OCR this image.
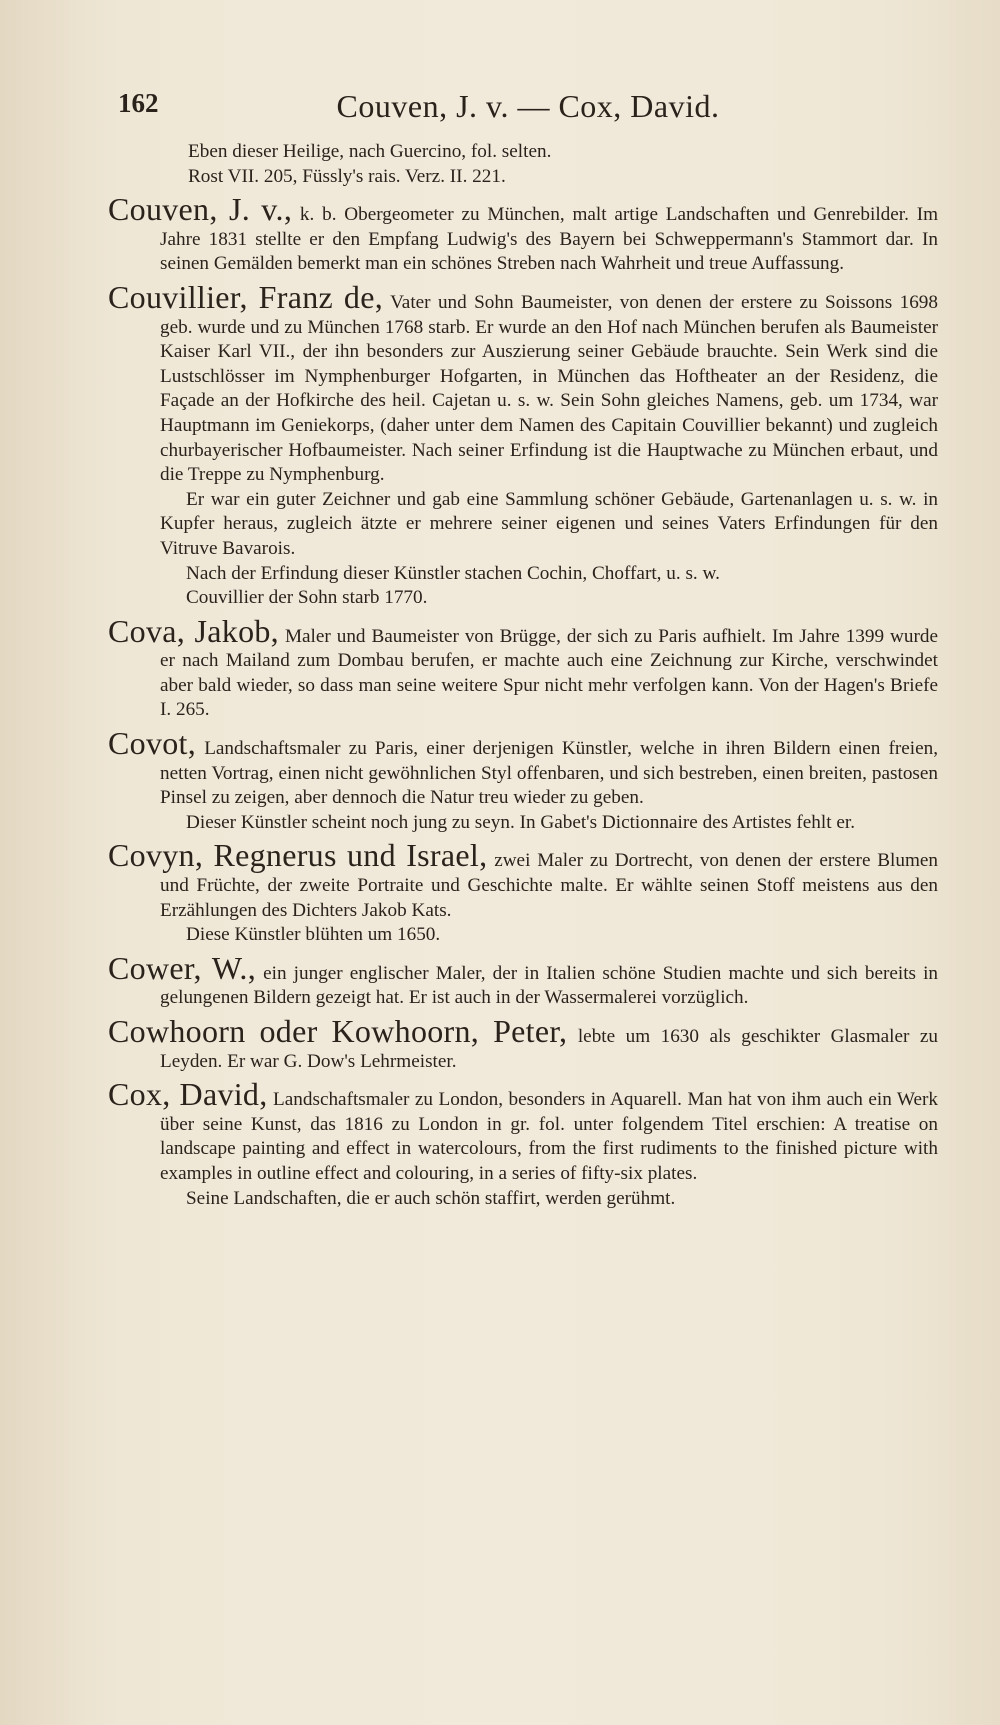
162	Couven, J. v. — Cox, David.

Eben dieser Heilige, nach Guercino, fol. selten.

Rost VII. 205, Füssly's rais. Verz. II. 221.

Couven, J. v., k. b. Obergeometer zu München, malt artige Landschaften und Genrebilder. Im Jahre 1831 stellte er den Empfang Ludwig's des Bayern bei Schweppermann's Stammort dar. In seinen Gemälden bemerkt man ein schönes Streben nach Wahrheit und treue Auffassung.

Couvillier, Franz de, Vater und Sohn Baumeister, von denen der erstere zu Soissons 1698 geb. wurde und zu München 1768 starb. Er wurde an den Hof nach München berufen als Baumeister Kaiser Karl VII., der ihn besonders zur Auszierung seiner Gebäude brauchte. Sein Werk sind die Lustschlösser im Nymphenburger Hofgarten, in München das Hoftheater an der Residenz, die Façade an der Hofkirche des heil. Cajetan u. s. w. Sein Sohn gleiches Namens, geb. um 1734, war Hauptmann im Geniekorps, (daher unter dem Namen des Capitain Couvillier bekannt) und zugleich churbayerischer Hofbaumeister. Nach seiner Erfindung ist die Hauptwache zu München erbaut, und die Treppe zu Nymphenburg.

Er war ein guter Zeichner und gab eine Sammlung schöner Gebäude, Gartenanlagen u. s. w. in Kupfer heraus, zugleich ätzte er mehrere seiner eigenen und seines Vaters Erfindungen für den Vitruve Bavarois.

Nach der Erfindung dieser Künstler stachen Cochin, Choffart, u. s. w.

Couvillier der Sohn starb 1770.

Cova, Jakob, Maler und Baumeister von Brügge, der sich zu Paris aufhielt. Im Jahre 1399 wurde er nach Mailand zum Dombau berufen, er machte auch eine Zeichnung zur Kirche, verschwindet aber bald wieder, so dass man seine weitere Spur nicht mehr verfolgen kann. Von der Hagen's Briefe I. 265.

Covot, Landschaftsmaler zu Paris, einer derjenigen Künstler, welche in ihren Bildern einen freien, netten Vortrag, einen nicht gewöhnlichen Styl offenbaren, und sich bestreben, einen breiten, pastosen Pinsel zu zeigen, aber dennoch die Natur treu wieder zu geben.

Dieser Künstler scheint noch jung zu seyn. In Gabet's Dictionnaire des Artistes fehlt er.

Covyn, Regnerus und Israel, zwei Maler zu Dortrecht, von denen der erstere Blumen und Früchte, der zweite Portraite und Geschichte malte. Er wählte seinen Stoff meistens aus den Erzählungen des Dichters Jakob Kats.

Diese Künstler blühten um 1650.

Cower, W., ein junger englischer Maler, der in Italien schöne Studien machte und sich bereits in gelungenen Bildern gezeigt hat. Er ist auch in der Wassermalerei vorzüglich.

Cowhoorn oder Kowhoorn, Peter, lebte um 1630 als geschikter Glasmaler zu Leyden. Er war G. Dow's Lehrmeister.

Cox, David, Landschaftsmaler zu London, besonders in Aquarell. Man hat von ihm auch ein Werk über seine Kunst, das 1816 zu London in gr. fol. unter folgendem Titel erschien: A treatise on landscape painting and effect in watercolours, from the first rudiments to the finished picture with examples in outline effect and colouring, in a series of fifty-six plates.

Seine Landschaften, die er auch schön staffirt, werden gerühmt.
